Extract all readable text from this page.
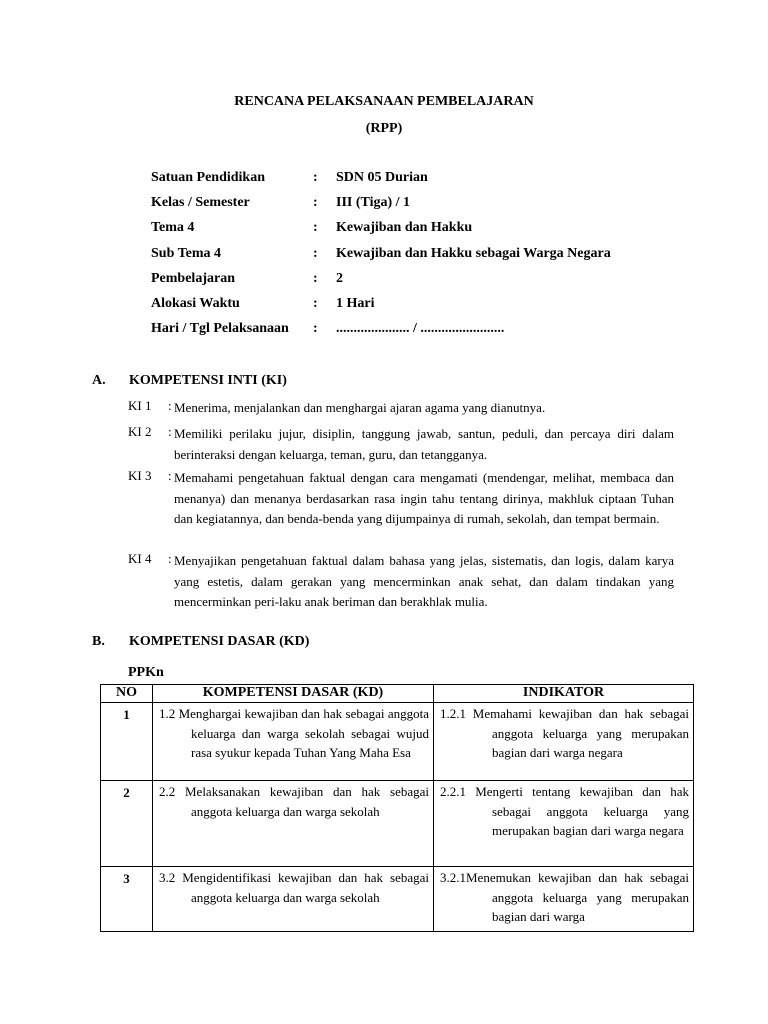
RENCANA PELAKSANAAN PEMBELAJARAN
(RPP)
Satuan Pendidikan	: SDN 05 Durian
Kelas / Semester	: III (Tiga) / 1
Tema 4	: Kewajiban dan Hakku
Sub Tema 4	: Kewajiban dan Hakku sebagai Warga Negara
Pembelajaran	: 2
Alokasi Waktu	: 1 Hari
Hari / Tgl Pelaksanaan : ..................... / ........................
A. KOMPETENSI INTI (KI)
KI 1 : Menerima, menjalankan dan menghargai ajaran agama yang dianutnya.
KI 2 : Memiliki perilaku jujur, disiplin, tanggung jawab, santun, peduli, dan percaya diri dalam berinteraksi dengan keluarga, teman, guru, dan tetangganya.
KI 3 : Memahami pengetahuan faktual dengan cara mengamati (mendengar, melihat, membaca dan menanya) dan menanya berdasarkan rasa ingin tahu tentang dirinya, makhluk ciptaan Tuhan dan kegiatannya, dan benda-benda yang dijumpainya di rumah, sekolah, dan tempat bermain.
KI 4 : Menyajikan pengetahuan faktual dalam bahasa yang jelas, sistematis, dan logis, dalam karya yang estetis, dalam gerakan yang mencerminkan anak sehat, dan dalam tindakan yang mencerminkan peri-laku anak beriman dan berakhlak mulia.
B. KOMPETENSI DASAR (KD)
PPKn
NO	KOMPETENSI DASAR (KD)	INDIKATOR
1	1.2 Menghargai kewajiban dan hak sebagai anggota keluarga dan warga sekolah sebagai wujud rasa syukur kepada Tuhan Yang Maha Esa	1.2.1 Memahami kewajiban dan hak sebagai anggota keluarga yang merupakan bagian dari warga negara

2	2.2 Melaksanakan kewajiban dan hak sebagai anggota keluarga dan warga sekolah	2.2.1 Mengerti tentang kewajiban dan hak sebagai anggota keluarga yang merupakan bagian dari warga negara

3	3.2 Mengidentifikasi kewajiban dan hak sebagai anggota keluarga dan warga sekolah	3.2.1Menemukan kewajiban dan hak sebagai anggota keluarga yang merupakan bagian dari warga
